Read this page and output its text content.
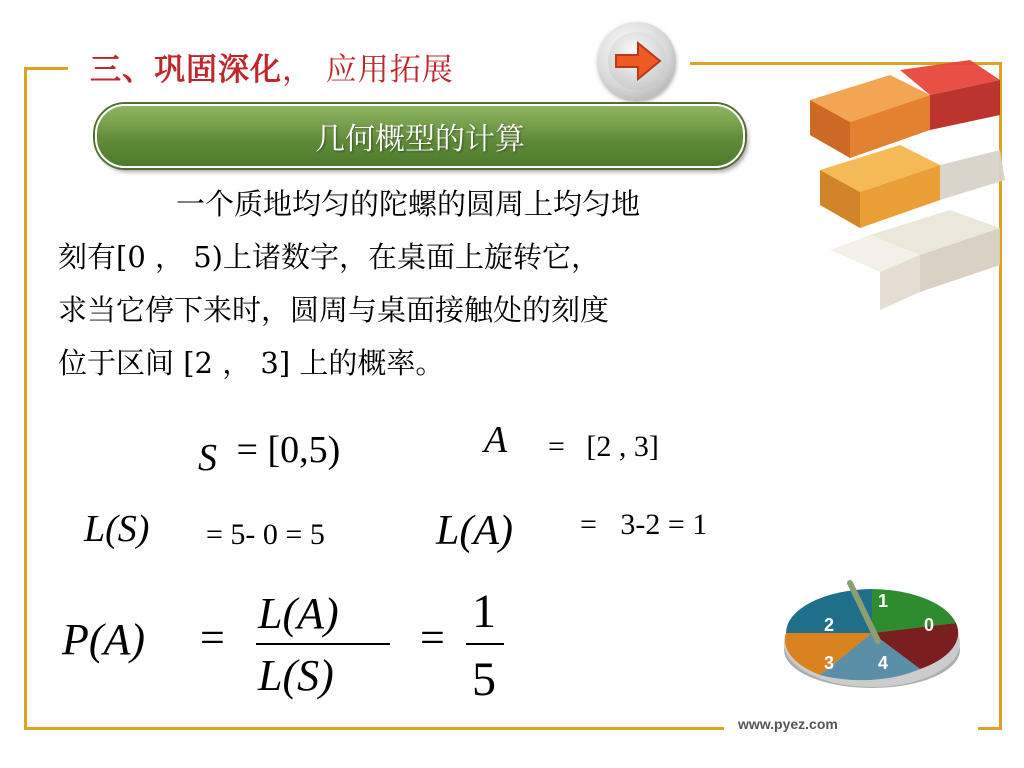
三、巩固深化， 应用拓展
几何概型的计算
一个质地均匀的陀螺的圆周上均匀地
刻有[0 ， 5)上诸数字，在桌面上旋转它，
求当它停下来时，圆周与桌面接触处的刻度
位于区间 [2 ， 3] 上的概率。
S = [0,5)	A = [2 , 3]
L(S) = 5- 0 = 5	L(A) = 3-2 = 1
P(A) = L(A)
L(S)
= 1
5
1
0
2
3 4
www.pyez.com
